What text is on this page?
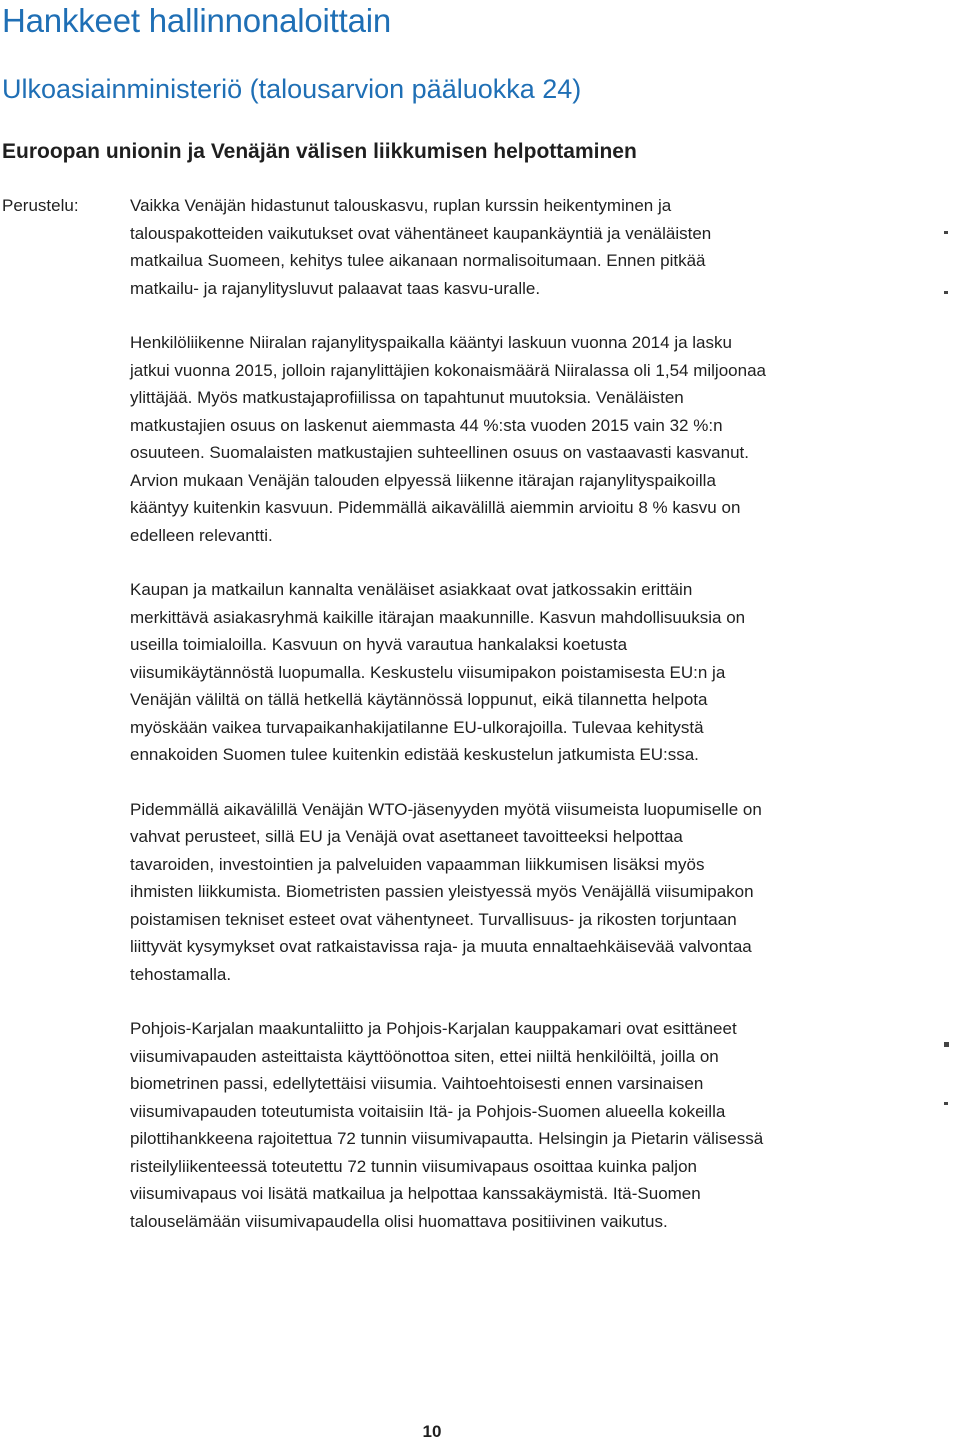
Hankkeet hallinnonaloittain
Ulkoasiainministeriö (talousarvion pääluokka 24)
Euroopan unionin ja Venäjän välisen liikkumisen helpottaminen
Perustelu:	Vaikka Venäjän hidastunut talouskasvu, ruplan kurssin heikentyminen ja
talouspakotteiden vaikutukset ovat vähentäneet kaupankäyntiä ja venäläisten
matkailua Suomeen, kehitys tulee aikanaan normalisoitumaan. Ennen pitkää
matkailu- ja rajanylitysluvut palaavat taas kasvu-uralle.

Henkilöliikenne Niiralan rajanylityspaikalla kääntyi laskuun vuonna 2014 ja lasku
jatkui vuonna 2015, jolloin rajanylittäjien kokonaismäärä Niiralassa oli 1,54 miljoonaa
ylittäjää. Myös matkustajaprofiilissa on tapahtunut muutoksia. Venäläisten
matkustajien osuus on laskenut aiemmasta 44 %:sta vuoden 2015 vain 32 %:n
osuuteen. Suomalaisten matkustajien suhteellinen osuus on vastaavasti kasvanut.
Arvion mukaan Venäjän talouden elpyessä liikenne itärajan rajanylityspaikoilla
kääntyy kuitenkin kasvuun. Pidemmällä aikavälillä aiemmin arvioitu 8 % kasvu on
edelleen relevantti.

Kaupan ja matkailun kannalta venäläiset asiakkaat ovat jatkossakin erittäin
merkittävä asiakasryhmä kaikille itärajan maakunnille. Kasvun mahdollisuuksia on
useilla toimialoilla. Kasvuun on hyvä varautua hankalaksi koetusta
viisumikäytännöstä luopumalla. Keskustelu viisumipakon poistamisesta EU:n ja
Venäjän väliltä on tällä hetkellä käytännössä loppunut, eikä tilannetta helpota
myöskään vaikea turvapaikanhakijatilanne EU-ulkorajoilla. Tulevaa kehitystä
ennakoiden Suomen tulee kuitenkin edistää keskustelun jatkumista EU:ssa.

Pidemmällä aikavälillä Venäjän WTO-jäsenyyden myötä viisumeista luopumiselle on
vahvat perusteet, sillä EU ja Venäjä ovat asettaneet tavoitteeksi helpottaa
tavaroiden, investointien ja palveluiden vapaamman liikkumisen lisäksi myös
ihmisten liikkumista. Biometristen passien yleistyessä myös Venäjällä viisumipakon
poistamisen tekniset esteet ovat vähentyneet. Turvallisuus- ja rikosten torjuntaan
liittyvät kysymykset ovat ratkaistavissa raja- ja muuta ennaltaehkäisevää valvontaa
tehostamalla.

Pohjois-Karjalan maakuntaliitto ja Pohjois-Karjalan kauppakamari ovat esittäneet
viisumivapauden asteittaista käyttöönottoa siten, ettei niiltä henkilöiltä, joilla on
biometrinen passi, edellytettäisi viisumia. Vaihtoehtoisesti ennen varsinaisen
viisumivapauden toteutumista voitaisiin Itä- ja Pohjois-Suomen alueella kokeilla
pilottihankkeena rajoitettua 72 tunnin viisumivapautta. Helsingin ja Pietarin välisessä
risteilyliikenteessä toteutettu 72 tunnin viisumivapaus osoittaa kuinka paljon
viisumivapaus voi lisätä matkailua ja helpottaa kanssakäymistä. Itä-Suomen
talouselämään viisumivapaudella olisi huomattava positiivinen vaikutus.

10
